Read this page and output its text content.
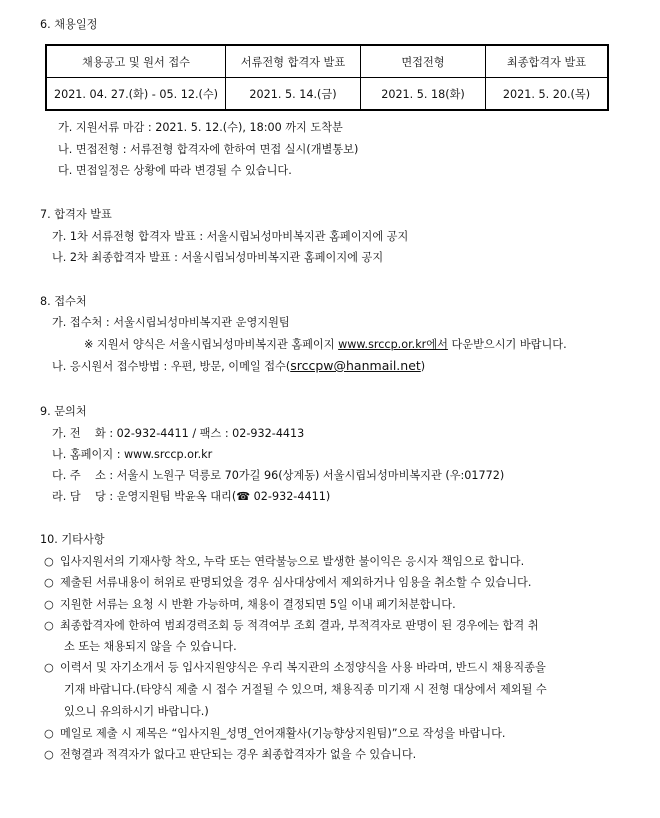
6. 채용일정
채용공고 및 원서 접수	서류전형 합격자 발표	면접전형	최종합격자 발표
2021. 04. 27.(화) - 05. 12.(수)	2021. 5. 14.(금)	2021. 5. 18(화)	2021. 5. 20.(목)
가. 지원서류 마감 : 2021. 5. 12.(수), 18:00 까지 도착분
나. 면접전형 : 서류전형 합격자에 한하여 면접 실시(개별통보)
다. 면접일정은 상황에 따라 변경될 수 있습니다.
7. 합격자 발표
가. 1차 서류전형 합격자 발표 : 서울시립뇌성마비복지관 홈페이지에 공지
나. 2차 최종합격자 발표 : 서울시립뇌성마비복지관 홈페이지에 공지
8. 접수처
가. 접수처 : 서울시립뇌성마비복지관 운영지원팀
※ 지원서 양식은 서울시립뇌성마비복지관 홈페이지 www.srccp.or.kr에서 다운받으시기 바랍니다.
나. 응시원서 접수방법 : 우편, 방문, 이메일 접수(srccpw@hanmail.net)
9. 문의처
가. 전    화 : 02-932-4411 / 팩스 : 02-932-4413
나. 홈페이지 : www.srccp.or.kr
다. 주    소 : 서울시 노원구 덕릉로 70가길 96(상계동) 서울시립뇌성마비복지관 (우:01772)
라. 담    당 : 운영지원팀 박윤옥 대리(☎ 02-932-4411)
10. 기타사항
○ 입사지원서의 기재사항 착오, 누락 또는 연락불능으로 발생한 불이익은 응시자 책임으로 합니다.
○ 제출된 서류내용이 허위로 판명되었을 경우 심사대상에서 제외하거나 임용을 취소할 수 있습니다.
○ 지원한 서류는 요청 시 반환 가능하며, 채용이 결정되면 5일 이내 폐기처분합니다.
○ 최종합격자에 한하여 범죄경력조회 등 적격여부 조회 결과, 부적격자로 판명이 된 경우에는 합격 취
소 또는 채용되지 않을 수 있습니다.
○ 이력서 및 자기소개서 등 입사지원양식은 우리 복지관의 소정양식을 사용 바라며, 반드시 채용직종을
기재 바랍니다.(타양식 제출 시 접수 거절될 수 있으며, 채용직종 미기재 시 전형 대상에서 제외될 수
있으니 유의하시기 바랍니다.)
○ 메일로 제출 시 제목은 “입사지원_성명_언어재활사(기능향상지원팀)”으로 작성을 바랍니다.
○ 전형결과 적격자가 없다고 판단되는 경우 최종합격자가 없을 수 있습니다.
